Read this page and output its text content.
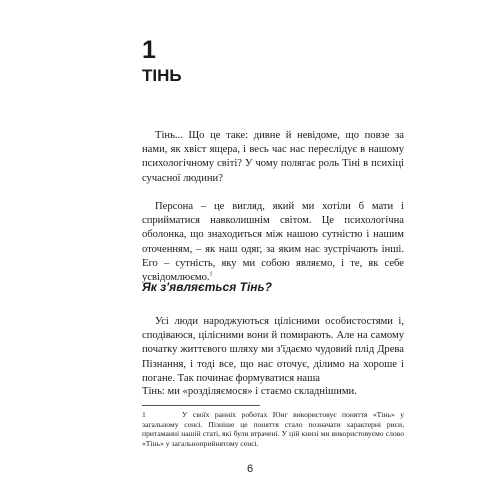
1
ТІНЬ

Тінь... Що це таке: дивне й невідоме, що повзе за нами, як хвіст ящера, і весь час нас переслідує в нашому психологічному світі? У чому полягає роль Тіні в психіці сучасної людини?

Персона – це вигляд, який ми хотіли б мати і сприйматися навколишнім світом. Це психологічна оболонка, що знаходиться між нашою сутністю і нашим оточенням, – як наш одяг, за яким нас зустрічають інші. Его – сутність, яку ми собою являємо, і те, як себе усвідомлюємо.$^1$

Як з'являється Тінь?

Усі люди народжуються цілісними особистостями і, сподіваюся, цілісними вони й помирають. Але на самому початку життєвого шляху ми з'їдаємо чудовий плід Древа Пізнання, і тоді все, що нас оточує, ділимо на хороше і погане. Так починає формуватися наша

Тінь: ми «розділяємося» і стаємо складнішими.

1	У своїх ранніх роботах Юнг використовує поняття «Тінь» у загальному сенсі. Пізніше це поняття стало позначати характерні риси, притаманні нашій статі, які були втрачені. У цій книзі ми використовуємо слово «Тінь» у загальноприйнятому сенсі.

6
